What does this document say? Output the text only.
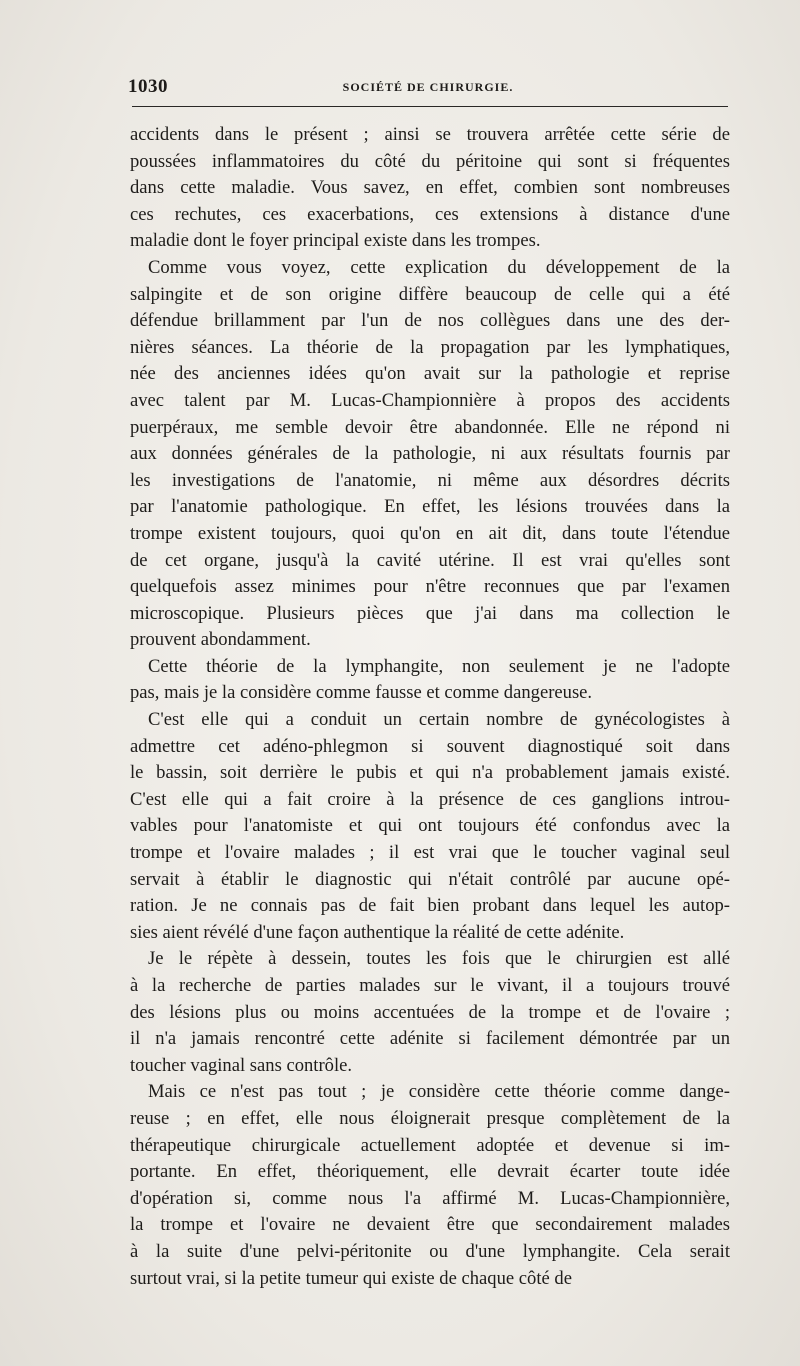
1030	SOCIÉTÉ DE CHIRURGIE.
accidents dans le présent ; ainsi se trouvera arrêtée cette série de
poussées inflammatoires du côté du péritoine qui sont si fréquentes
dans cette maladie. Vous savez, en effet, combien sont nombreuses
ces rechutes, ces exacerbations, ces extensions à distance d'une
maladie dont le foyer principal existe dans les trompes.
Comme vous voyez, cette explication du développement de la
salpingite et de son origine diffère beaucoup de celle qui a été
défendue brillamment par l'un de nos collègues dans une des der-
nières séances. La théorie de la propagation par les lymphatiques,
née des anciennes idées qu'on avait sur la pathologie et reprise
avec talent par M. Lucas-Championnière à propos des accidents
puerpéraux, me semble devoir être abandonnée. Elle ne répond ni
aux données générales de la pathologie, ni aux résultats fournis par
les investigations de l'anatomie, ni même aux désordres décrits
par l'anatomie pathologique. En effet, les lésions trouvées dans la
trompe existent toujours, quoi qu'on en ait dit, dans toute l'étendue
de cet organe, jusqu'à la cavité utérine. Il est vrai qu'elles sont
quelquefois assez minimes pour n'être reconnues que par l'examen
microscopique. Plusieurs pièces que j'ai dans ma collection le
prouvent abondamment.
Cette théorie de la lymphangite, non seulement je ne l'adopte
pas, mais je la considère comme fausse et comme dangereuse.
C'est elle qui a conduit un certain nombre de gynécologistes à
admettre cet adéno-phlegmon si souvent diagnostiqué soit dans
le bassin, soit derrière le pubis et qui n'a probablement jamais existé.
C'est elle qui a fait croire à la présence de ces ganglions introu-
vables pour l'anatomiste et qui ont toujours été confondus avec la
trompe et l'ovaire malades ; il est vrai que le toucher vaginal seul
servait à établir le diagnostic qui n'était contrôlé par aucune opé-
ration. Je ne connais pas de fait bien probant dans lequel les autop-
sies aient révélé d'une façon authentique la réalité de cette adénite.
Je le répète à dessein, toutes les fois que le chirurgien est allé
à la recherche de parties malades sur le vivant, il a toujours trouvé
des lésions plus ou moins accentuées de la trompe et de l'ovaire ;
il n'a jamais rencontré cette adénite si facilement démontrée par un
toucher vaginal sans contrôle.
Mais ce n'est pas tout ; je considère cette théorie comme dange-
reuse ; en effet, elle nous éloignerait presque complètement de la
thérapeutique chirurgicale actuellement adoptée et devenue si im-
portante. En effet, théoriquement, elle devrait écarter toute idée
d'opération si, comme nous l'a affirmé M. Lucas-Championnière,
la trompe et l'ovaire ne devaient être que secondairement malades
à la suite d'une pelvi-péritonite ou d'une lymphangite. Cela serait
surtout vrai, si la petite tumeur qui existe de chaque côté de
